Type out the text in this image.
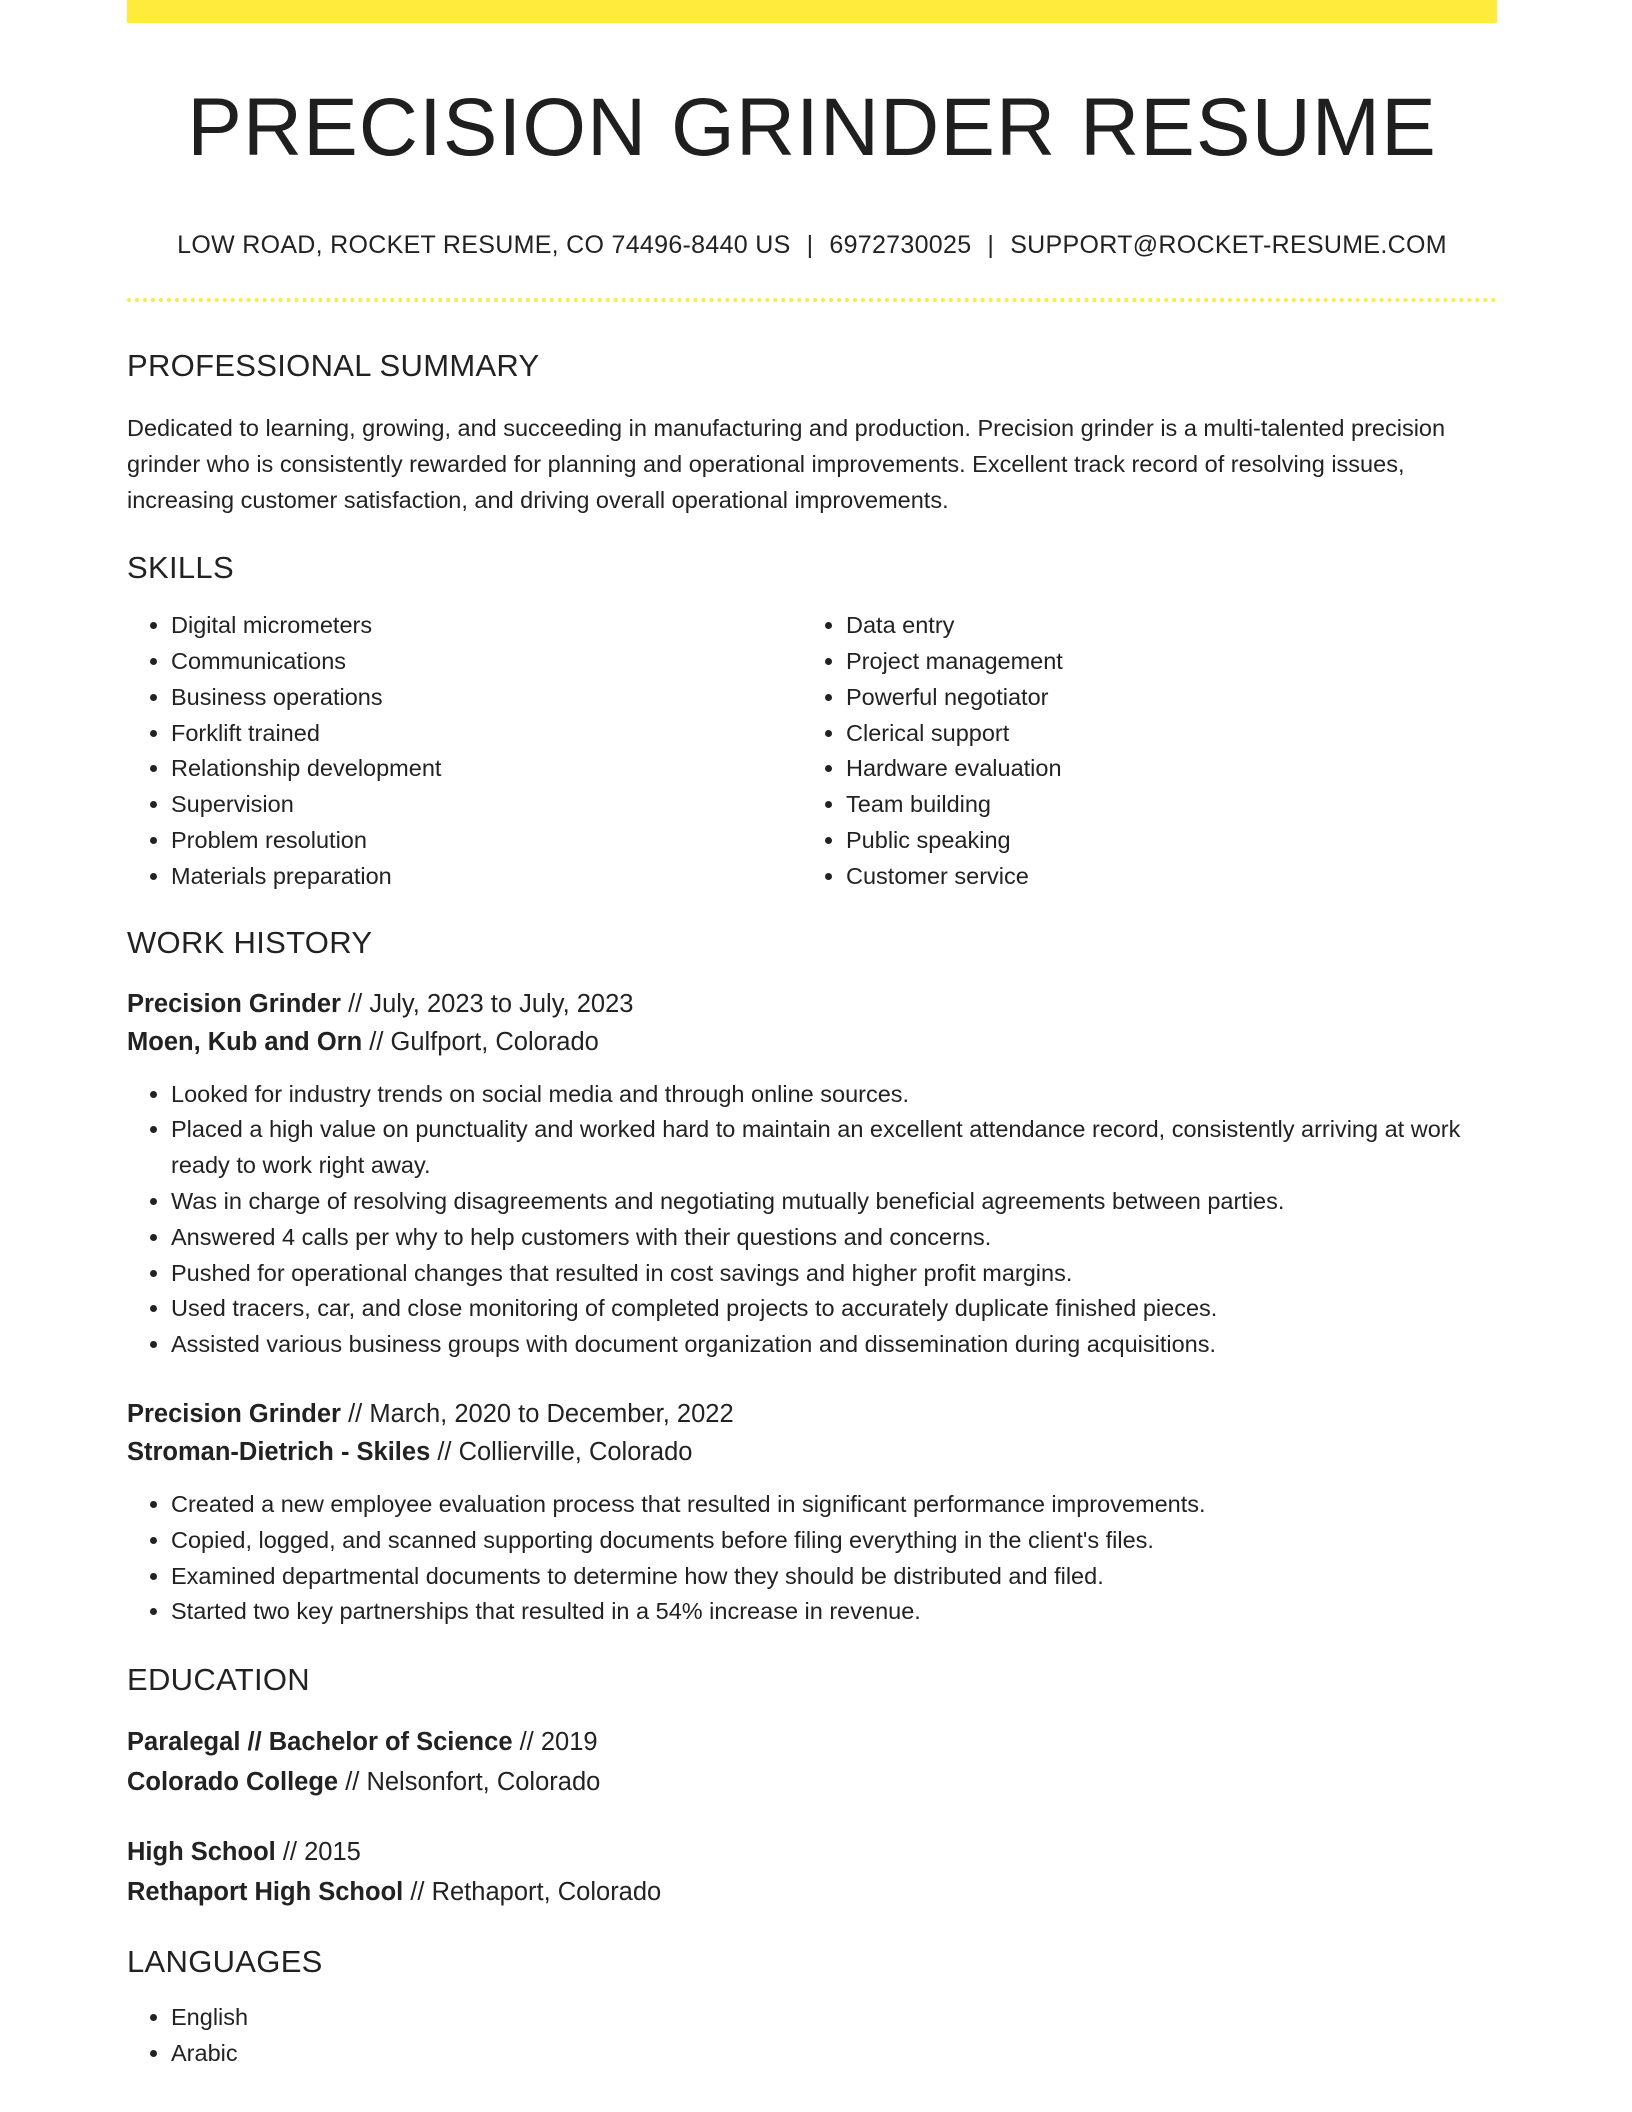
PRECISION GRINDER RESUME
LOW ROAD, ROCKET RESUME, CO 74496-8440 US | 6972730025 | SUPPORT@ROCKET-RESUME.COM
PROFESSIONAL SUMMARY
Dedicated to learning, growing, and succeeding in manufacturing and production. Precision grinder is a multi-talented precision grinder who is consistently rewarded for planning and operational improvements. Excellent track record of resolving issues, increasing customer satisfaction, and driving overall operational improvements.
SKILLS
• Digital micrometers
• Communications
• Business operations
• Forklift trained
• Relationship development
• Supervision
• Problem resolution
• Materials preparation
• Data entry
• Project management
• Powerful negotiator
• Clerical support
• Hardware evaluation
• Team building
• Public speaking
• Customer service
WORK HISTORY
Precision Grinder // July, 2023 to July, 2023
Moen, Kub and Orn // Gulfport, Colorado
• Looked for industry trends on social media and through online sources.
• Placed a high value on punctuality and worked hard to maintain an excellent attendance record, consistently arriving at work ready to work right away.
• Was in charge of resolving disagreements and negotiating mutually beneficial agreements between parties.
• Answered 4 calls per why to help customers with their questions and concerns.
• Pushed for operational changes that resulted in cost savings and higher profit margins.
• Used tracers, car, and close monitoring of completed projects to accurately duplicate finished pieces.
• Assisted various business groups with document organization and dissemination during acquisitions.
Precision Grinder // March, 2020 to December, 2022
Stroman-Dietrich - Skiles // Collierville, Colorado
• Created a new employee evaluation process that resulted in significant performance improvements.
• Copied, logged, and scanned supporting documents before filing everything in the client's files.
• Examined departmental documents to determine how they should be distributed and filed.
• Started two key partnerships that resulted in a 54% increase in revenue.
EDUCATION
Paralegal // Bachelor of Science // 2019
Colorado College // Nelsonfort, Colorado
High School // 2015
Rethaport High School // Rethaport, Colorado
LANGUAGES
• English
• Arabic
